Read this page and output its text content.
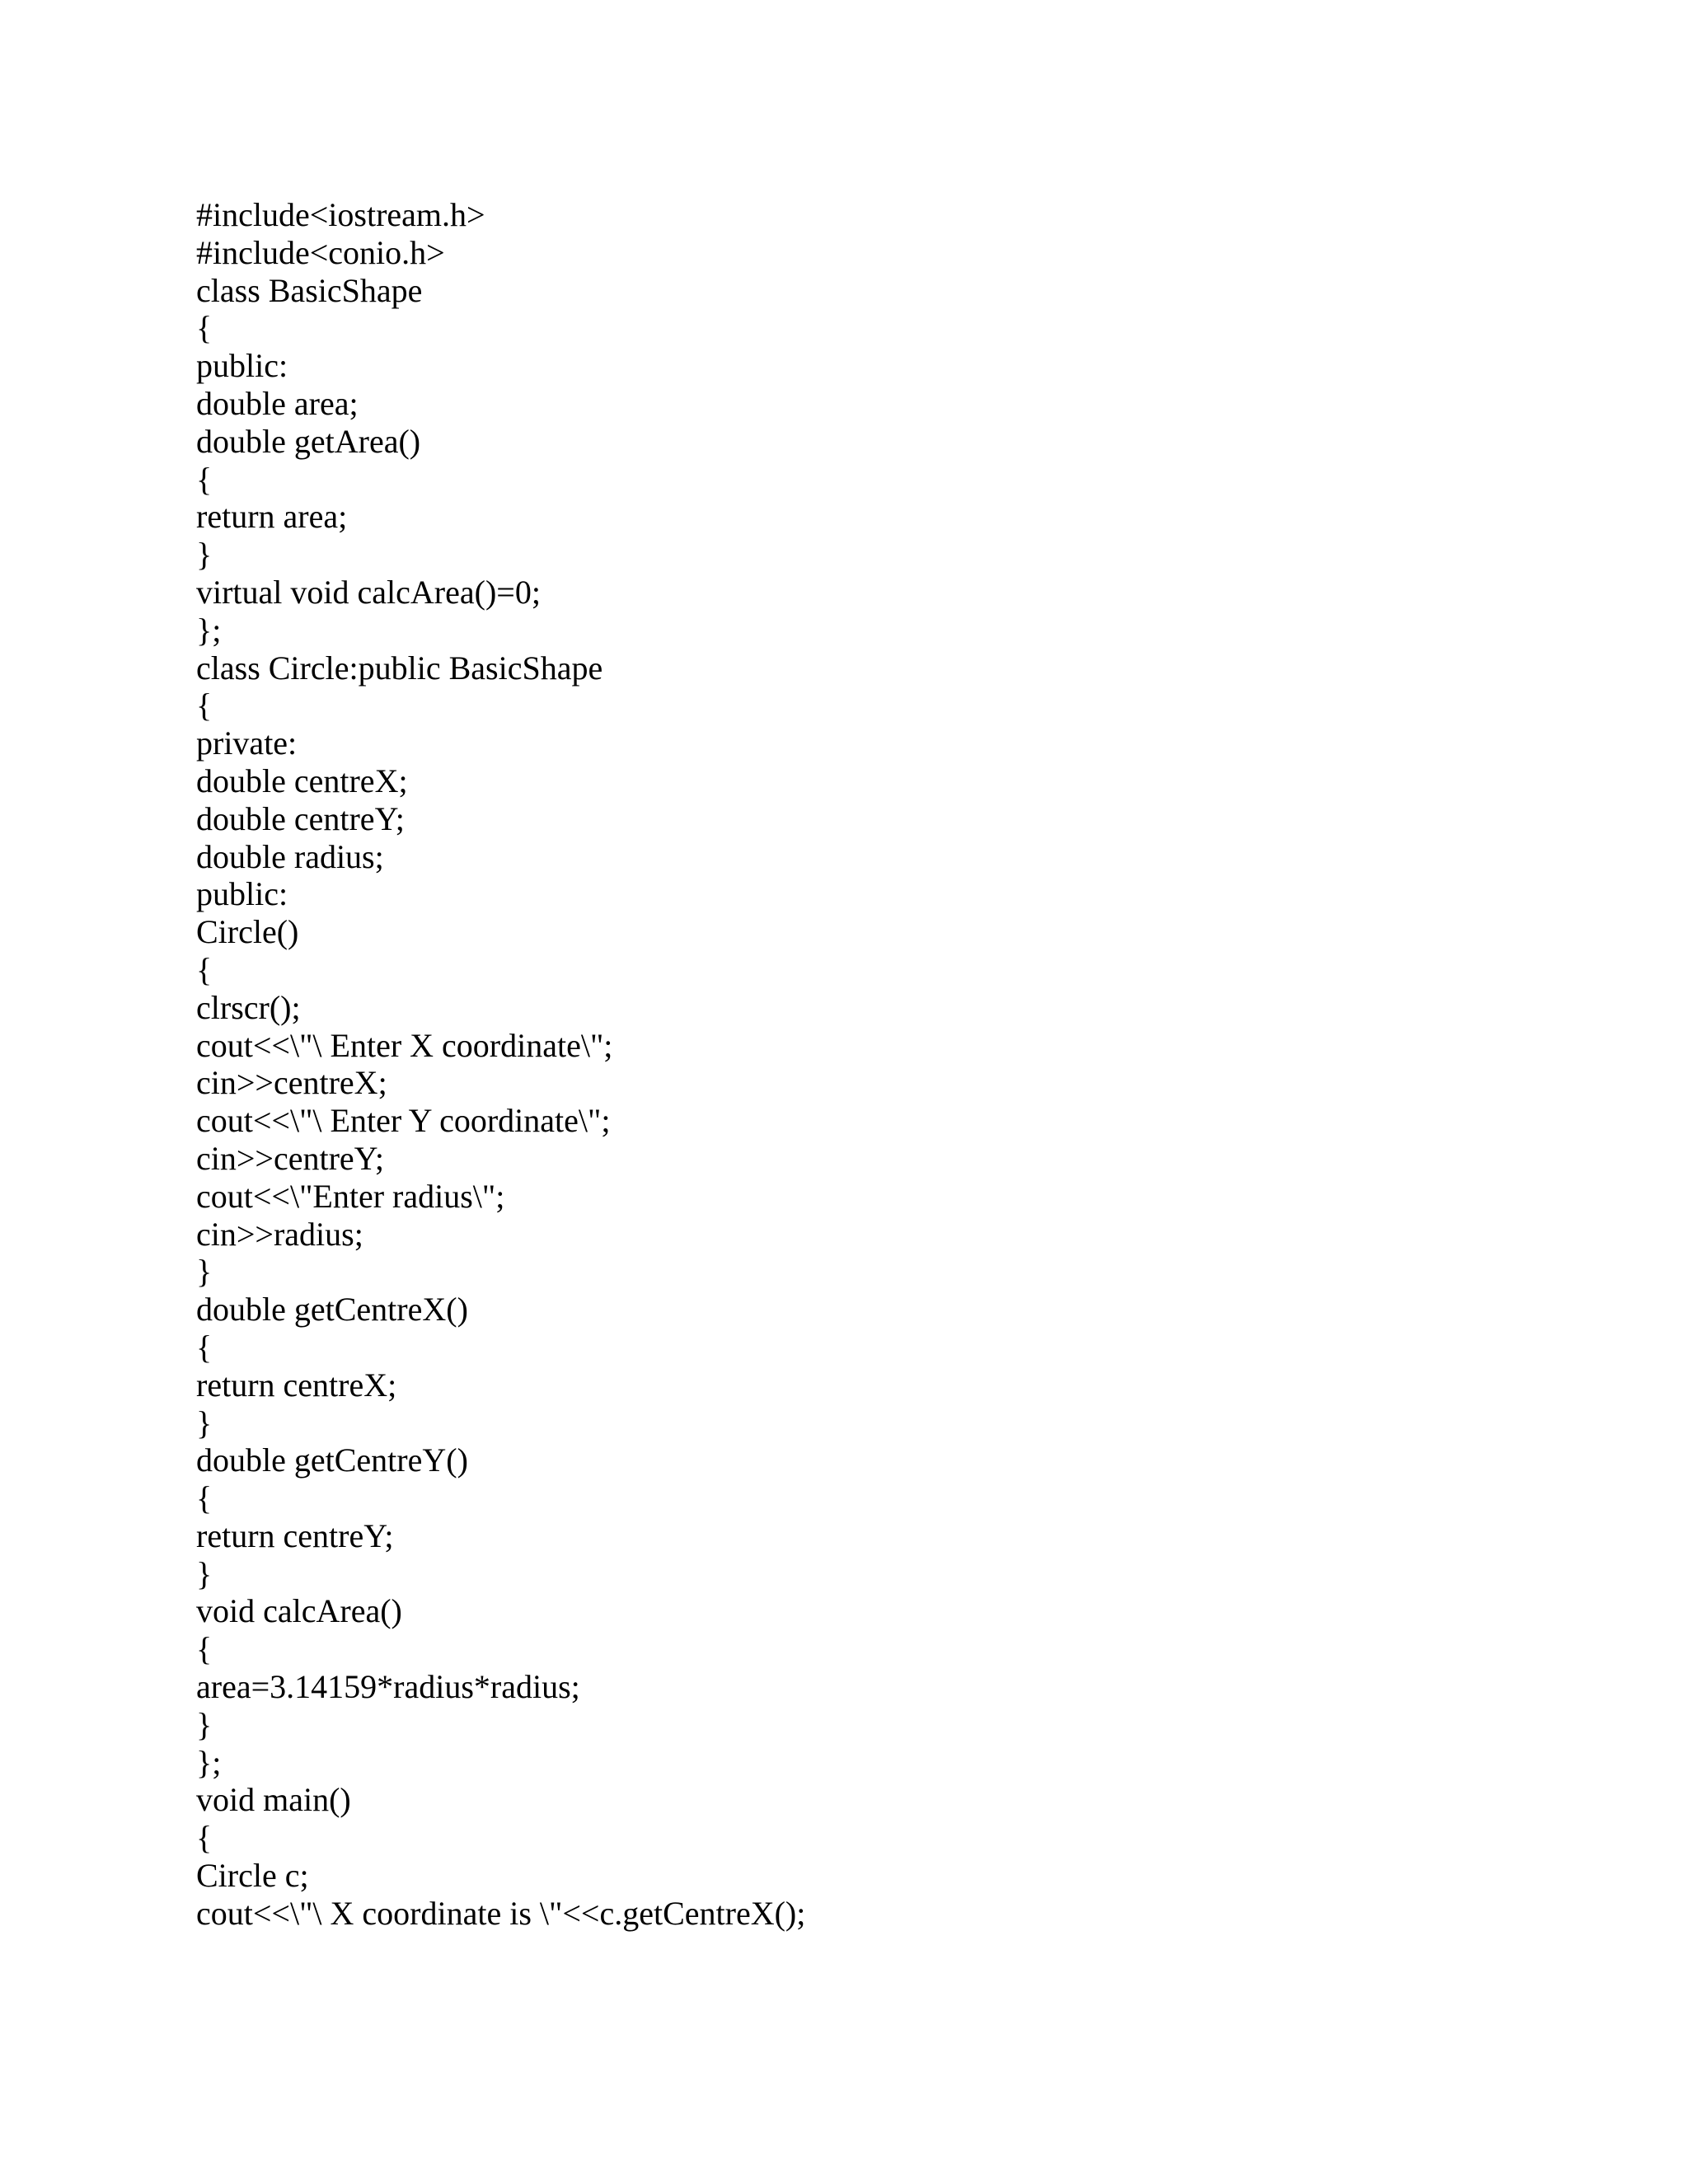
#include<iostream.h>
#include<conio.h>
class BasicShape
{
public:
double area;
double getArea()
{
return area;
}
virtual void calcArea()=0;
};
class Circle:public BasicShape
{
private:
double centreX;
double centreY;
double radius;
public:
Circle()
{
clrscr();
cout<<\"\ Enter X coordinate\";
cin>>centreX;
cout<<\"\ Enter Y coordinate\";
cin>>centreY;
cout<<\"Enter radius\";
cin>>radius;
}
double getCentreX()
{
return centreX;
}
double getCentreY()
{
return centreY;
}
void calcArea()
{
area=3.14159*radius*radius;
}
};
void main()
{
Circle c;
cout<<\"\ X coordinate is \"<<c.getCentreX();
